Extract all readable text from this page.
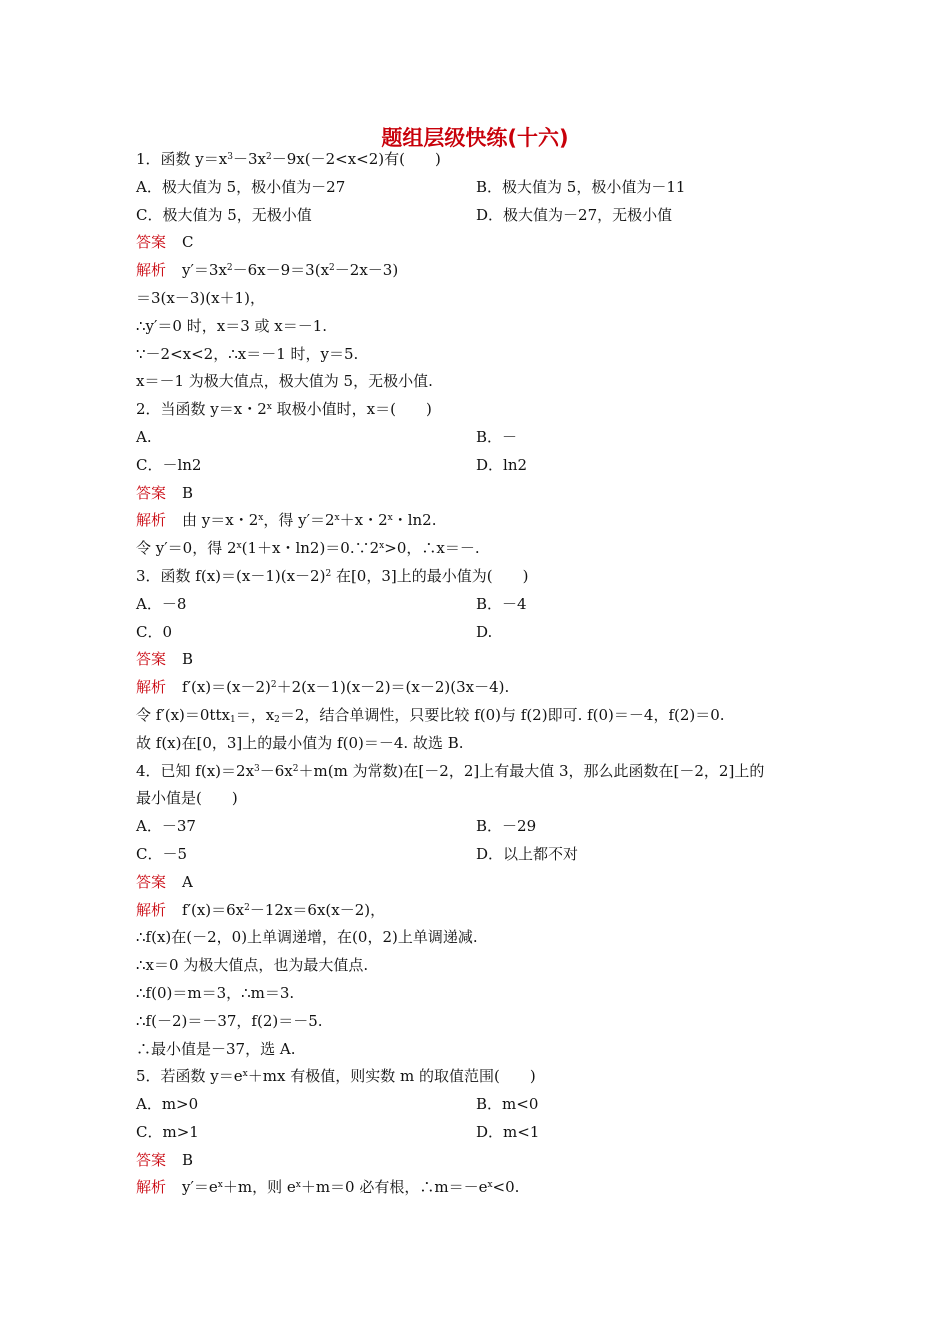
题组层级快练(十六)
1．函数 $y=x^3-3x^2-9x(-2<x<2)$有(　　)
A．极大值为 5，极小值为－27	B．极大值为 5，极小值为－11
C．极大值为 5，无极小值	D．极大值为－27，无极小值
答案 C
解析 $y'=3x^2-6x-9=3(x^2-2x-3)$
＝3(x－3)(x＋1)，
∴y′＝0 时，x＝3 或 x＝－1.
∵－2<x<2，∴x＝－1 时，y＝5.
x＝－1 为极大值点，极大值为 5，无极小值.
2．当函数 y＝x・2$^x$ 取极小值时，x＝(　　)
A.	B．－
C．－ln2	D．ln2
答案 B
解析 由 y＝x・2$^x$，得 $y'=2^x+x$・2$^x$・ln2.
令 y′＝0，得 $2^x(1+x$・$\ln 2)=0.\because 2^x>0$，∴x＝－.
3．函数 $f(x)=(x-1)(x-2)^2$ 在[0，3]上的最小值为(　　)
A．－8	B．－4
C．0	D.
答案 B
解析 $f'(x)=(x-2)^2+2(x-1)(x-2)=(x-2)(3x-4)$.
令 f′(x)＝0ttx$_1$＝，$x_2=2$，结合单调性，只要比较 f(0)与 f(2)即可. f(0)＝－4，f(2)＝0.
故 f(x)在[0，3]上的最小值为 f(0)＝－4. 故选 B.
4．已知 $f(x)=2x^3-6x^2+m(m$ 为常数)在[－2，2]上有最大值 3，那么此函数在[－2，2]上的
最小值是(　　)
A．－37	B．－29
C．－5	D．以上都不对
答案 A
解析 $f'(x)=6x^2-12x=6x(x-2)$，
∴f(x)在(－2，0)上单调递增，在(0，2)上单调递减.
∴x＝0 为极大值点，也为最大值点.
∴f(0)＝m＝3，∴m＝3.
∴f(－2)＝－37，f(2)＝－5.
∴最小值是－37，选 A.
5．若函数 $y=e^x+mx$ 有极值，则实数 m 的取值范围(　　)
A．m>0	B．m<0
C．m>1	D．m<1
答案 B
解析 $y'=e^x+m$，则 $e^x+m=0$ 必有根，$\therefore m=-e^x<0$.
